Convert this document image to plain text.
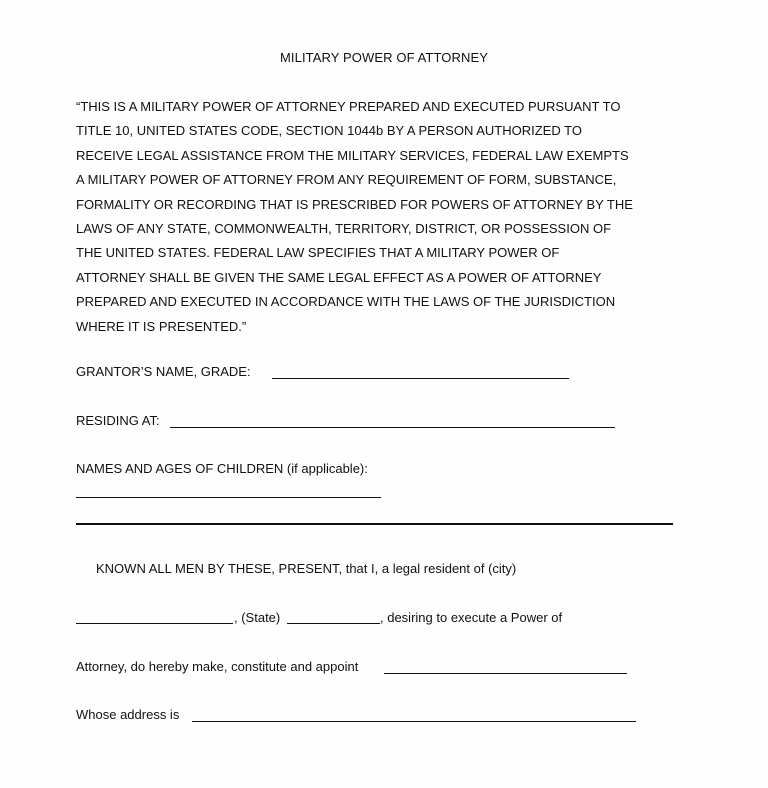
MILITARY POWER OF ATTORNEY
“THIS IS A MILITARY POWER OF ATTORNEY PREPARED AND EXECUTED PURSUANT TO
TITLE 10, UNITED STATES CODE, SECTION 1044b BY A PERSON AUTHORIZED TO
RECEIVE LEGAL ASSISTANCE FROM THE MILITARY SERVICES, FEDERAL LAW EXEMPTS
A MILITARY POWER OF ATTORNEY FROM ANY REQUIREMENT OF FORM, SUBSTANCE,
FORMALITY OR RECORDING THAT IS PRESCRIBED FOR POWERS OF ATTORNEY BY THE
LAWS OF ANY STATE, COMMONWEALTH, TERRITORY, DISTRICT, OR POSSESSION OF
THE UNITED STATES. FEDERAL LAW SPECIFIES THAT A MILITARY POWER OF
ATTORNEY SHALL BE GIVEN THE SAME LEGAL EFFECT AS A POWER OF ATTORNEY
PREPARED AND EXECUTED IN ACCORDANCE WITH THE LAWS OF THE JURISDICTION
WHERE IT IS PRESENTED.”
GRANTOR’S NAME, GRADE:
RESIDING AT:
NAMES AND AGES OF CHILDREN (if applicable):
KNOWN ALL MEN BY THESE, PRESENT, that I, a legal resident of (city)
, (State)	, desiring to execute a Power of
Attorney, do hereby make, constitute and appoint
Whose address is
